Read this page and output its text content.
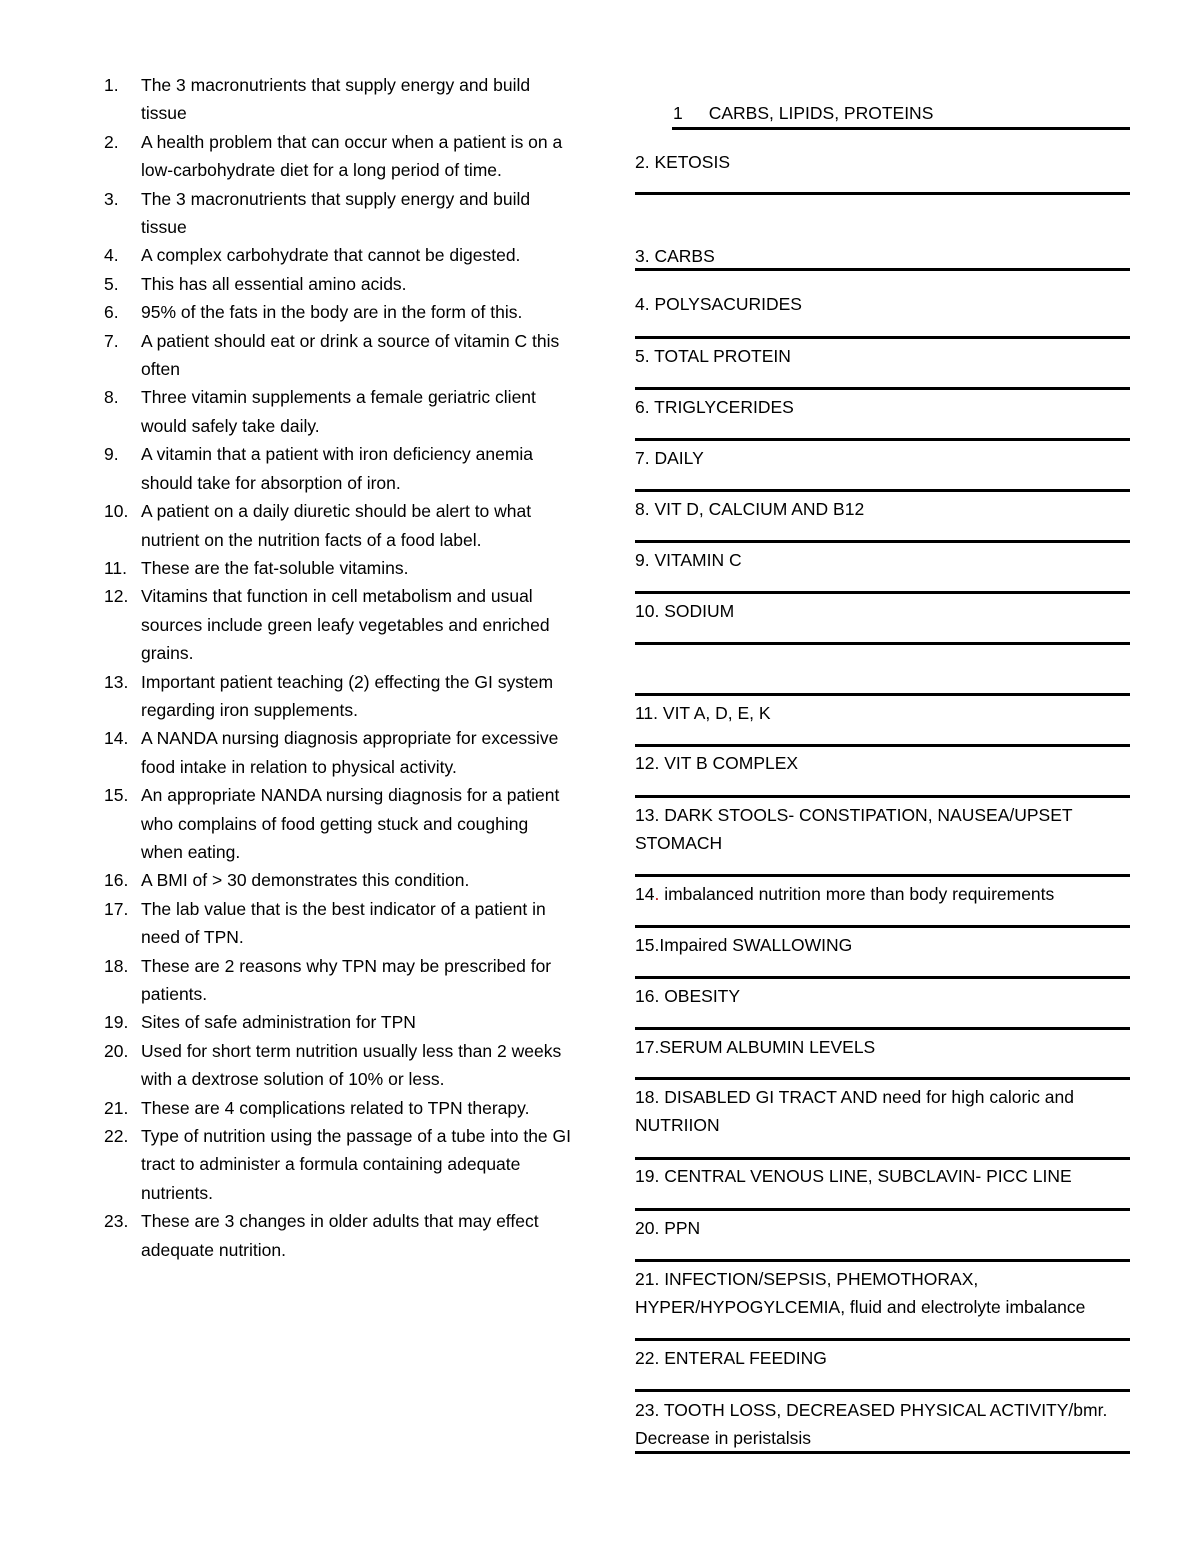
1.	The 3 macronutrients that supply energy and build tissue
2.	A health problem that can occur when a patient is on a low-carbohydrate diet for a long period of time.
3.	The 3 macronutrients that supply energy and build tissue
4.	A complex carbohydrate that cannot be digested.
5.	This has all essential amino acids.
6.	95% of the fats in the body are in the form of this.
7.	A patient should eat or drink a source of vitamin C this often
8.	Three vitamin supplements a female geriatric client would safely take daily.
9.	A vitamin that a patient with iron deficiency anemia should take for absorption of iron.
10. A patient on a daily diuretic should be alert to what nutrient on the nutrition facts of a food label.
11. These are the fat-soluble vitamins.
12. Vitamins that function in cell metabolism and usual sources include green leafy vegetables and enriched grains.
13. Important patient teaching (2) effecting the GI system regarding iron supplements.
14. A NANDA nursing diagnosis appropriate for excessive food intake in relation to physical activity.
15. An appropriate NANDA nursing diagnosis for a patient who complains of food getting stuck and coughing when eating.
16. A BMI of > 30 demonstrates this condition.
17. The lab value that is the best indicator of a patient in need of TPN.
18. These are 2 reasons why TPN may be prescribed for patients.
19. Sites of safe administration for TPN
20. Used for short term nutrition usually less than 2 weeks with a dextrose solution of 10% or less.
21. These are 4 complications related to TPN therapy.
22. Type of nutrition using the passage of a tube into the GI tract to administer a formula containing adequate nutrients.
23. These are 3 changes in older adults that may effect adequate nutrition.
1 CARBS, LIPIDS, PROTEINS
2. KETOSIS
3. CARBS
4. POLYSACURIDES
5. TOTAL PROTEIN
6. TRIGLYCERIDES
7. DAILY
8. VIT D, CALCIUM AND B12
9. VITAMIN C
10. SODIUM
11. VIT A, D, E, K
12. VIT B COMPLEX
13. DARK STOOLS- CONSTIPATION, NAUSEA/UPSET STOMACH
14. imbalanced nutrition more than body requirements
15.Impaired SWALLOWING
16. OBESITY
17.SERUM ALBUMIN LEVELS
18. DISABLED GI TRACT AND need for high caloric and NUTRIION
19. CENTRAL VENOUS LINE, SUBCLAVIN- PICC LINE
20. PPN
21. INFECTION/SEPSIS, PHEMOTHORAX, HYPER/HYPOGYLCEMIA, fluid and electrolyte imbalance
22. ENTERAL FEEDING
23. TOOTH LOSS, DECREASED PHYSICAL ACTIVITY/bmr. Decrease in peristalsis
